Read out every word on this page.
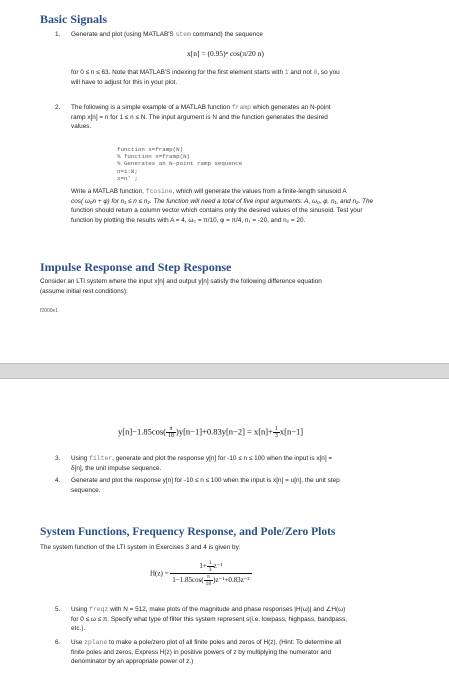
Basic Signals
1. Generate and plot (using MATLAB'S stem command) the sequence
x[n] = (0.95)ⁿ cos(π/20 n)
for 0 ≤ n ≤ 63. Note that MATLAB'S indexing for the first element starts with 1 and not 0, so you
will have to adjust for this in your plot.
2. The following is a simple example of a MATLAB function framp which generates an N-point
ramp x[n] = n for 1 ≤ n ≤ N. The input argument is N and the function generates the desired
values.
function x=framp(N)
% function x=framp(N)
% Generates an N-point ramp sequence
n=1:N;
x=n' ;
Write a MATLAB function, fcosine, which will generate the values from a finite-length sinusoid A
cos( ω₀n + φ) for n₁ ≤ n ≤ n₂. The function will need a total of five input arguments: A, ω₀, φ, n₁, and n₂. The
function should return a column vector which contains only the desired values of the sinusoid. Test your
function by plotting the results with A = 4, ω₀ = π/10, φ = π/4, n₁ = -20, and n₂ = 20.
Impulse Response and Step Response
Consider an LTI system where the input x[n] and output y[n] satisfy the following difference equation
(assume initial rest conditions):
f2000e1
$y[n]-1.85\cos( \frac{\pi}{18} )y[n-1]+0.83y[n-2] = x[n]+ \frac{1}{3} x[n-1]$
3. Using filter, generate and plot the response y[n] for -10 ≤ n ≤ 100 when the input is x[n] =
δ[n], the unit impulse sequence.
4. Generate and plot the response y[n] for -10 ≤ n ≤ 100 when the input is x[n] = u[n], the unit step
sequence.
System Functions, Frequency Response, and Pole/Zero Plots
The system function of the LTI system in Exercises 3 and 4 is given by:
$H(z) = \frac{1+ \frac{1}{3} z^{-1}}{1-1.85\cos( \frac{\pi}{18} )z^{-1}+0.83z^{-2}}$
5. Using freqz with N = 512, make plots of the magnitude and phase responses |H(ω)| and ∠H(ω)
for 0 ≤ ω ≤ π. Specify what type of filter this system represent s(i.e. lowpass, highpass, bandpass,
etc.).
6. Use zplane to make a pole/zero plot of all finite poles and zeros of H(z). (Hint: To determine all
finite poles and zeros, Express H(z) in positive powers of z by multiplying the numerator and
denominator by an appropriate power of z.)
